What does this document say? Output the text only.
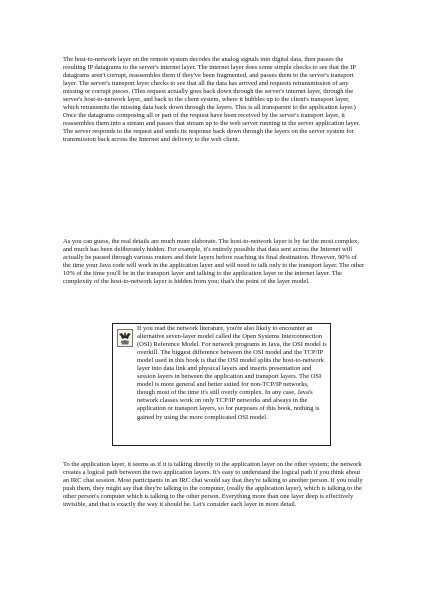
The host-to-network layer on the remote system decodes the analog signals into digital data, then passes the resulting IP datagrams to the server's internet layer. The internet layer does some simple checks to see that the IP datagrams aren't corrupt, reassembles them if they've been fragmented, and passes them to the server's transport layer. The server's transport layer checks to see that all the data has arrived and requests retransmission of any missing or corrupt pieces. (This request actually goes back down through the server's internet layer, through the server's host-to-network layer, and back to the client system, where it bubbles up to the client's transport layer, which retransmits the missing data back down through the layers. This is all transparent to the application layer.) Once the datagrams composing all or part of the request have been received by the server's transport layer, it reassembles them into a stream and passes that stream up to the web server running in the server application layer. The server responds to the request and sends its response back down through the layers on the server system for transmission back across the Internet and delivery to the web client.

As you can guess, the real details are much more elaborate. The host-to-network layer is by far the most complex, and much has been deliberately hidden. For example, it's entirely possible that data sent across the Internet will actually be passed through various routers and their layers before reaching its final destination. However, 90% of the time your Java code will work in the application layer and will need to talk only to the transport layer. The other 10% of the time you'll be in the transport layer and talking to the application layer or the internet layer. The complexity of the host-to-network layer is hidden from you; that's the point of the layer model.

If you read the network literature, you're also likely to encounter an alternative seven-layer model called the Open Systems Interconnection (OSI) Reference Model. For network programs in Java, the OSI model is overkill. The biggest difference between the OSI model and the TCP/IP model used in this book is that the OSI model splits the host-to-network layer into data link and physical layers and inserts presentation and session layers in between the application and transport layers. The OSI model is more general and better suited for non-TCP/IP networks, though most of the time it's still overly complex. In any case, Java's network classes work on only TCP/IP networks and always in the application or transport layers, so for purposes of this book, nothing is gained by using the more complicated OSI model.

To the application layer, it seems as if it is talking directly to the application layer on the other system; the network creates a logical path between the two application layers. It's easy to understand the logical path if you think about an IRC chat session. Most participants in an IRC chat would say that they're talking to another person. If you really push them, they might say that they're talking to the computer, (really the application layer), which is talking to the other person's computer which is talking to the other person. Everything more than one layer deep is effectively invisible, and that is exactly the way it should be. Let's consider each layer in more detail.
